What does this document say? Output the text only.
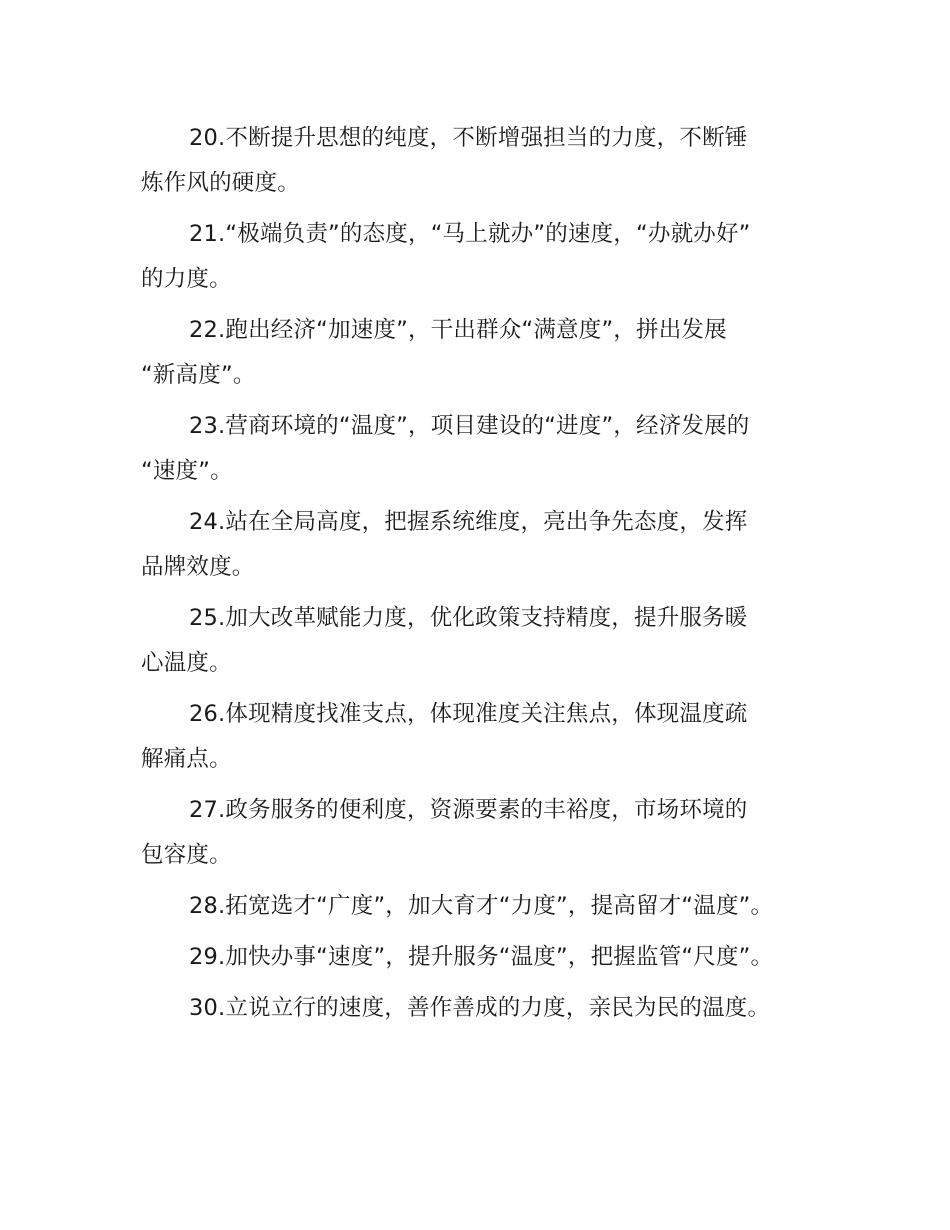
20.不断提升思想的纯度，不断增强担当的力度，不断锤
炼作风的硬度。

21.“极端负责”的态度，“马上就办”的速度，“办就办好”
的力度。

22.跑出经济“加速度”，干出群众“满意度”，拼出发展
“新高度”。

23.营商环境的“温度”，项目建设的“进度”，经济发展的
“速度”。

24.站在全局高度，把握系统维度，亮出争先态度，发挥
品牌效度。

25.加大改革赋能力度，优化政策支持精度，提升服务暖
心温度。

26.体现精度找准支点，体现准度关注焦点，体现温度疏
解痛点。

27.政务服务的便利度，资源要素的丰裕度，市场环境的
包容度。

28.拓宽选才“广度”，加大育才“力度”，提高留才“温度”。

29.加快办事“速度”，提升服务“温度”，把握监管“尺度”。

30.立说立行的速度，善作善成的力度，亲民为民的温度。
